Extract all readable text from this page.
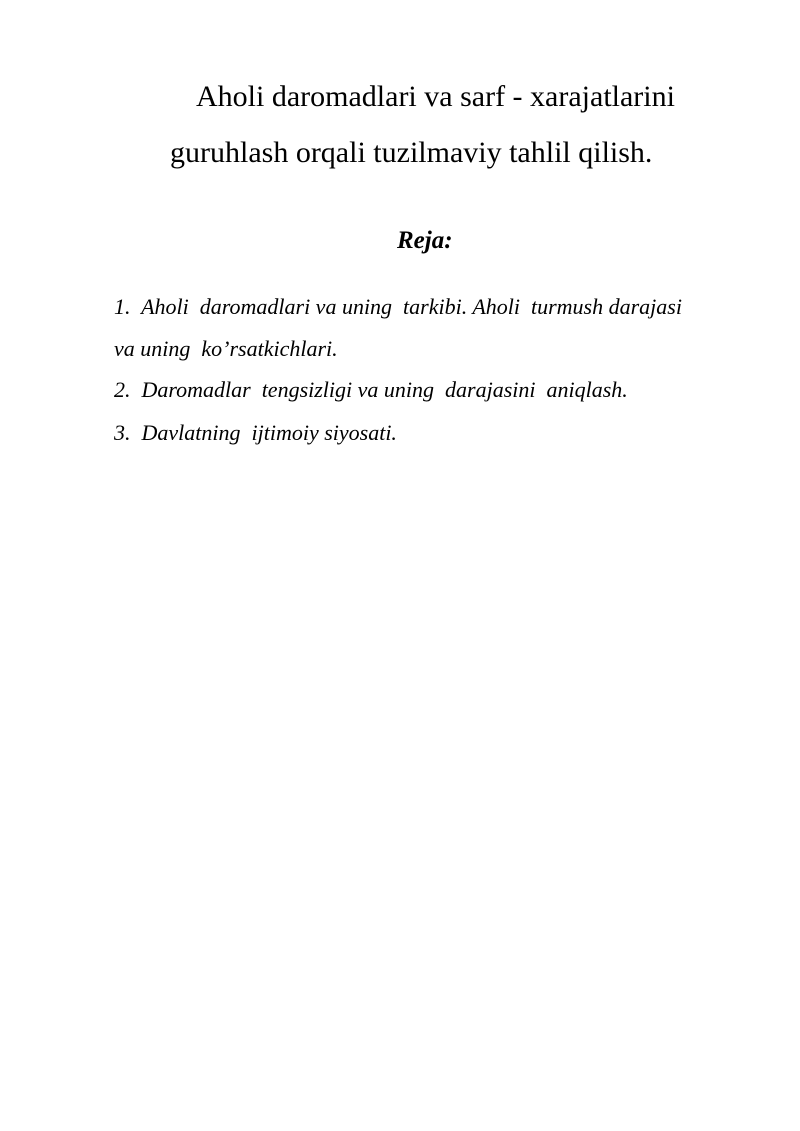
Aholi daromadlari va sarf - xarajatlarini
guruhlash orqali tuzilmaviy tahlil qilish.
Reja:
1.  Aholi  daromadlari va uning  tarkibi. Aholi  turmush darajasi
va uning  ko’rsatkichlari.
2.  Daromadlar  tengsizligi va uning  darajasini  aniqlash.
3.  Davlatning  ijtimoiy siyosati.
